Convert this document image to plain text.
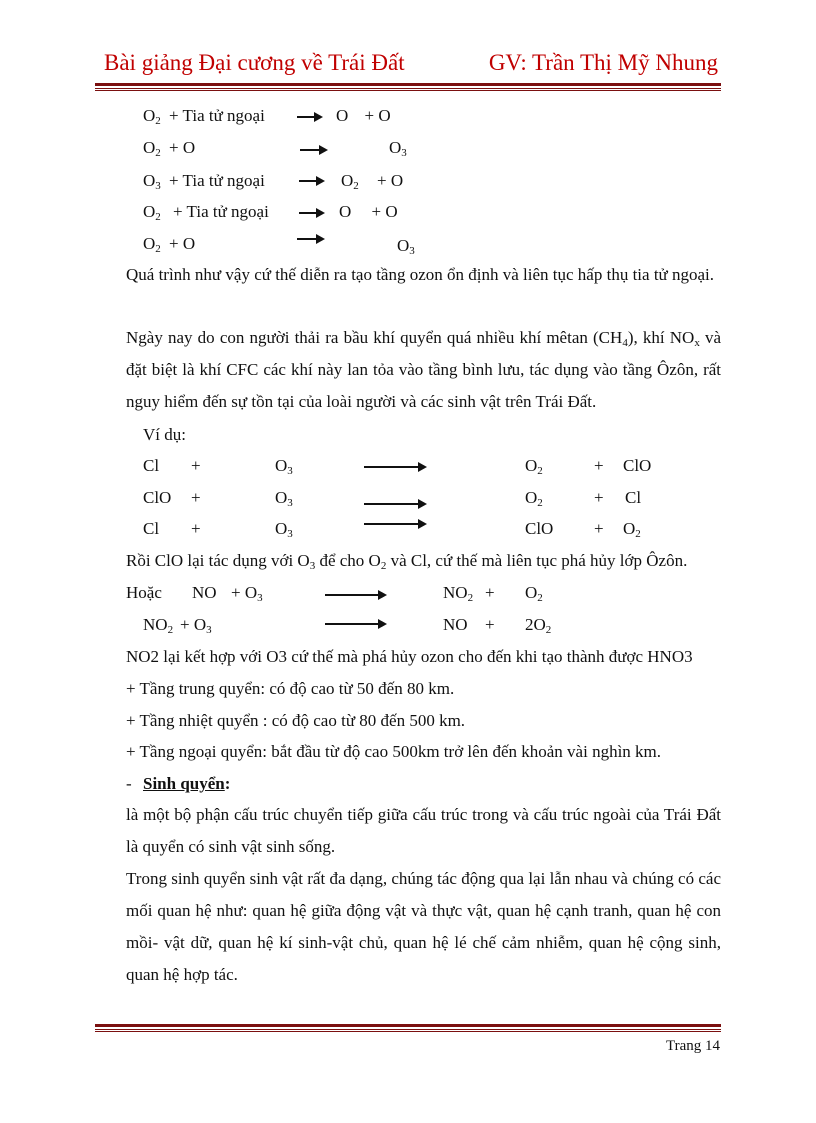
Bài giảng Đại cương về Trái Đất	GV: Trần Thị Mỹ Nhung
$O_2$ + Tia tử ngoại → O + O
$O_2 + O$	$O_3$
$O_3$ + Tia tử ngoại → $O_2 + O$
$O_2$ + Tia tử ngoại → O + O
$O_2 + O$	$O_3$
Quá trình như vậy cứ thế diễn ra tạo tầng ozon ổn định và liên tục hấp thụ tia tử ngoại.
Ngày nay do con người thải ra bầu khí quyển quá nhiều khí mêtan $(CH_4)$, khí $NO_x$ và đặt biệt là khí CFC các khí này lan tỏa vào tầng bình lưu, tác dụng vào tầng Ôzôn, rất nguy hiểm đến sự tồn tại của loài người và các sinh vật trên Trái Đất.
Ví dụ:
Cl +	$O_3$	$O_2$	+ ClO
ClO +	$O_3$	$O_2$	+ Cl
Cl +	$O_3$	ClO + $O_2$
Rồi ClO lại tác dụng với $O_3$ để cho $O_2$ và Cl, cứ thế mà liên tục phá hủy lớp Ôzôn.
Hoặc NO + $O_3$	$NO_2 + O_2$
$NO_2 + O_3$	NO + $2O_2$
NO2 lại kết hợp với O3 cứ thế mà phá hủy ozon cho đến khi tạo thành được HNO3
+ Tầng trung quyển: có độ cao từ 50 đến 80 km.
+ Tầng nhiệt quyển : có độ cao từ 80 đến 500 km.
+ Tầng ngoại quyển: bắt đầu từ độ cao 500km trở lên đến khoản vài nghìn km.
- Sinh quyển:
là một bộ phận cấu trúc chuyển tiếp giữa cấu trúc trong và cấu trúc ngoài của Trái Đất là quyển có sinh vật sinh sống.
Trong sinh quyển sinh vật rất đa dạng, chúng tác động qua lại lẫn nhau và chúng có các mối quan hệ như: quan hệ giữa động vật và thực vật, quan hệ cạnh tranh, quan hệ con mồi- vật dữ, quan hệ kí sinh-vật chủ, quan hệ lé chế cảm nhiễm, quan hệ cộng sinh, quan hệ hợp tác.
Trang 14
